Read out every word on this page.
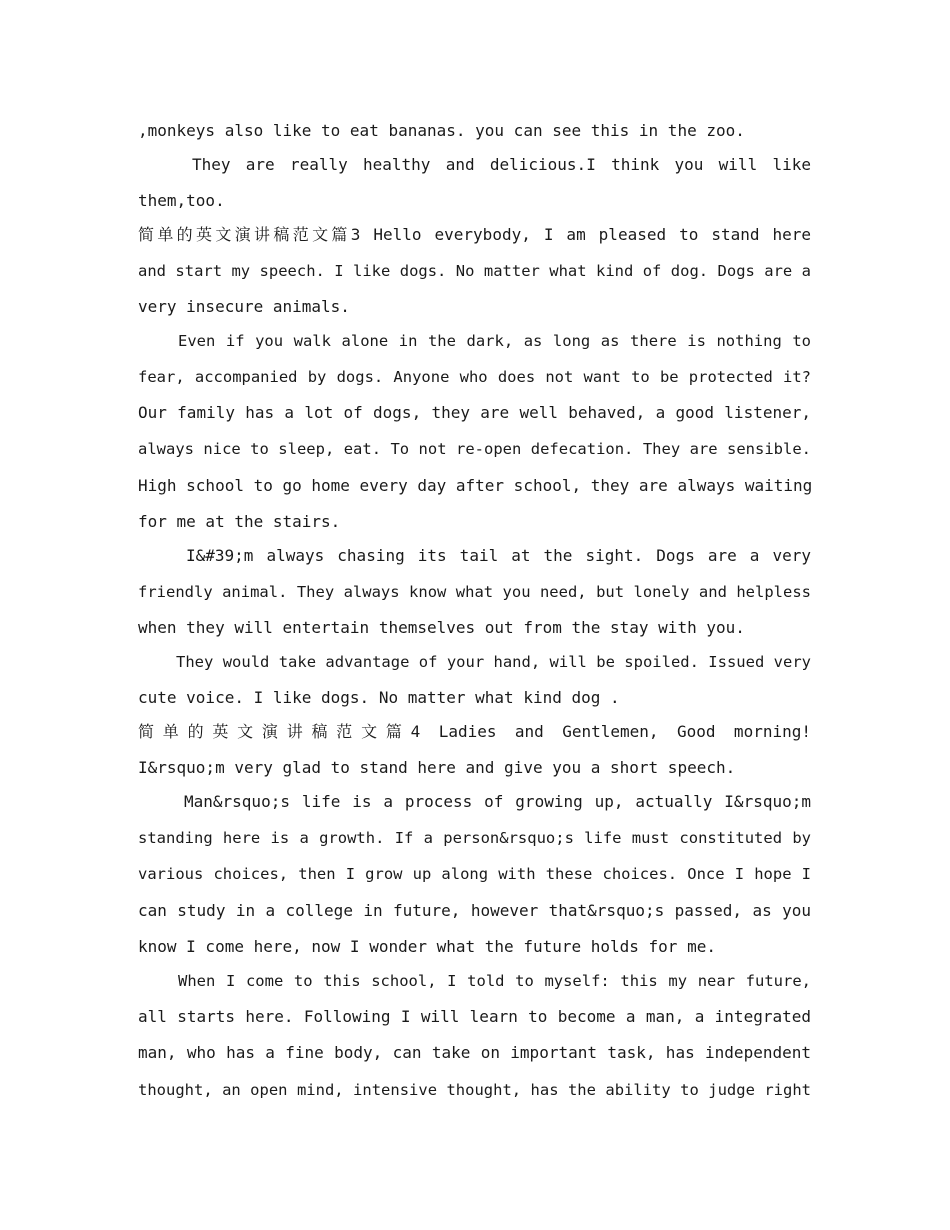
,monkeys also like to eat bananas. you can see this in the zoo.
They are really healthy and delicious.I think you will like
them,too.
简单的英文演讲稿范文篇3 Hello everybody, I am pleased to stand here
and start my speech. I like dogs. No matter what kind of dog. Dogs are a
very insecure animals.
Even if you walk alone in the dark, as long as there is nothing to
fear, accompanied by dogs. Anyone who does not want to be protected it?
Our family has a lot of dogs, they are well behaved, a good listener,
always nice to sleep, eat. To not re-open defecation. They are sensible.
High school to go home every day after school, they are always waiting
for me at the stairs.
I&#39;m always chasing its tail at the sight. Dogs are a very
friendly animal. They always know what you need, but lonely and helpless
when they will entertain themselves out from the stay with you.
They would take advantage of your hand, will be spoiled. Issued very
cute voice. I like dogs. No matter what kind dog .
简单的英文演讲稿范文篇4 Ladies and Gentlemen, Good morning!
I&rsquo;m very glad to stand here and give you a short speech.
Man&rsquo;s life is a process of growing up, actually I&rsquo;m
standing here is a growth. If a person&rsquo;s life must constituted by
various choices, then I grow up along with these choices. Once I hope I
can study in a college in future, however that&rsquo;s passed, as you
know I come here, now I wonder what the future holds for me.
When I come to this school, I told to myself: this my near future,
all starts here. Following I will learn to become a man, a integrated
man, who has a fine body, can take on important task, has independent
thought, an open mind, intensive thought, has the ability to judge right
